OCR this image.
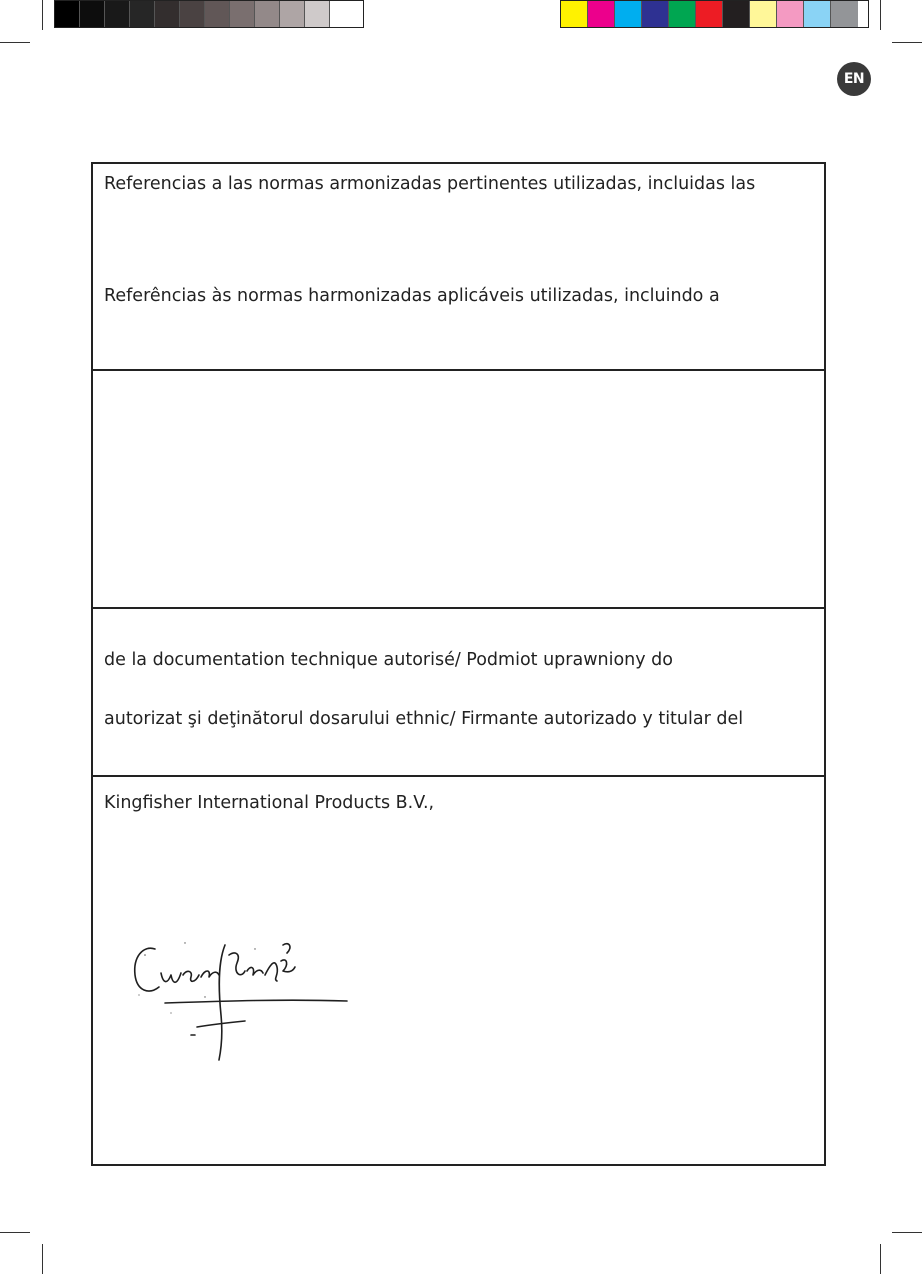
EN
Referencias a las normas armonizadas pertinentes utilizadas, incluidas las
Referências às normas harmonizadas aplicáveis utilizadas, incluindo a
de la documentation technique autorisé/ Podmiot uprawniony do
autorizat şi deţinătorul dosarului ethnic/ Firmante autorizado y titular del
Kingfisher International Products B.V.,
